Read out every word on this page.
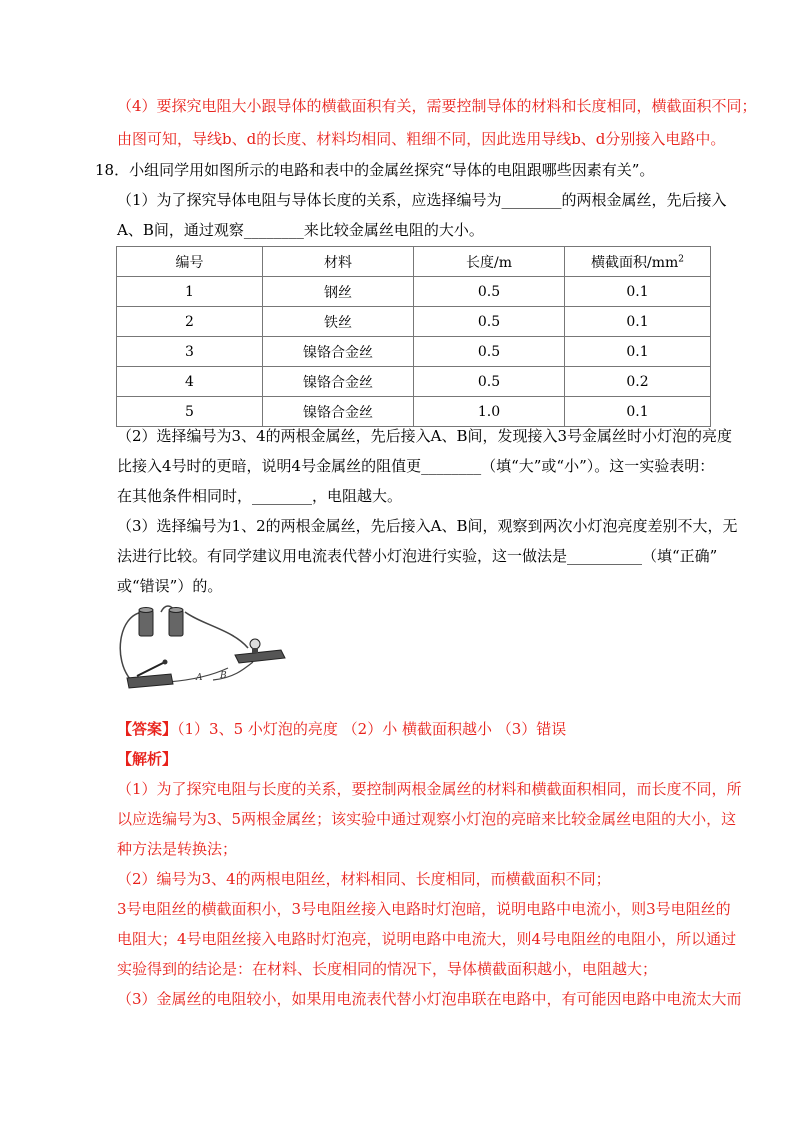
（4）要探究电阻大小跟导体的横截面积有关，需要控制导体的材料和长度相同，横截面积不同；
由图可知，导线b、d的长度、材料均相同、粗细不同，因此选用导线b、d分别接入电路中。
18．小组同学用如图所示的电路和表中的金属丝探究“导体的电阻跟哪些因素有关”。
（1）为了探究导体电阻与导体长度的关系，应选择编号为________的两根金属丝，先后接入
A、B间，通过观察________来比较金属丝电阻的大小。
编号	材料	长度/m	横截面积$/mm^2$
1	钢丝	0.5	0.1
2	铁丝	0.5	0.1
3	镍铬合金丝	0.5	0.1
4	镍铬合金丝	0.5	0.2
5	镍铬合金丝	1.0	0.1
（2）选择编号为3、4的两根金属丝，先后接入A、B间，发现接入3号金属丝时小灯泡的亮度
比接入4号时的更暗，说明4号金属丝的阻值更________（填“大”或“小”）。这一实验表明：
在其他条件相同时，________，电阻越大。
（3）选择编号为1、2的两根金属丝，先后接入A、B间，观察到两次小灯泡亮度差别不大，无
法进行比较。有同学建议用电流表代替小灯泡进行实验，这一做法是__________（填“正确”
或“错误”）的。
A B
【答案】（1）3、5 小灯泡的亮度 （2）小 横截面积越小 （3）错误
【解析】
（1）为了探究电阻与长度的关系，要控制两根金属丝的材料和横截面积相同，而长度不同，所
以应选编号为3、5两根金属丝；该实验中通过观察小灯泡的亮暗来比较金属丝电阻的大小，这
种方法是转换法；
（2）编号为3、4的两根电阻丝，材料相同、长度相同，而横截面积不同；
3号电阻丝的横截面积小，3号电阻丝接入电路时灯泡暗，说明电路中电流小，则3号电阻丝的
电阻大；4号电阻丝接入电路时灯泡亮，说明电路中电流大，则4号电阻丝的电阻小，所以通过
实验得到的结论是：在材料、长度相同的情况下，导体横截面积越小，电阻越大；
（3）金属丝的电阻较小，如果用电流表代替小灯泡串联在电路中，有可能因电路中电流太大而
